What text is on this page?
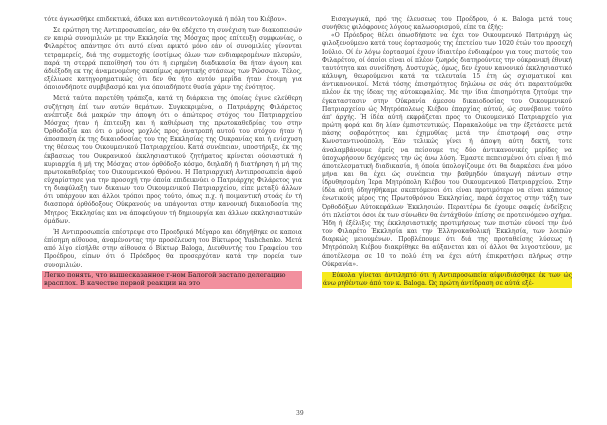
τότε άγνωσθήκε επιδεκτικά, άδικα και αντιθεοντολογικά ή πόλη του Κιέβου».

Σε ερώτηση της Αντιπροσωπείας, εάν θα εδέχετο τη συνέχιση των διακοπεισών εν καιρώ συνομιλιών με την Εκκλησία της Μόσχας προς επίτευξη συμφωνίας, ο Φιλαρέτος απάντησε ότι αυτό είναι εφικτό μόνο εάν οί συνομιλίες γίνονται τετραμερείς, διά της συμμετοχής ίσοτίμως όλων των ενδιαφερομένων πλευρών, παρά τη στερρά πεποίθησή του ότι ή ειρημένη διαδικασία θα ήταν άγονη και άδιέξοδη εκ της άναμενομένης σκοπίμως αρνητικής στάσεως των Ρώσσων. Τέλος, εξέλιωσε κατηγορηματικώς ότι δεν θα ήτο αυτόν μερίδα ήταν έτοιμη για όποιονδήποτε συμβιβασμό και για όποιαδήποτε θυσία χάριν της ένότητος.

Μετά ταύτα παρετέθη τράπεζα, κατά τη διάρκεια της όποίας έγινε ελεύθερη συζήτηση έπί των αυτών θεμάτων. Συγκεκριμένα, ο Πατριάρχης Φιλάρετος ανέπτυξε διά μακρών την άποψη ότι ο άπώτερος στόχος του Πατριαρχείου Μόσχας ήταν ή έπιτευξη και ή καθιέρωση της πρωτοκαθεδρίας του στην Όρθοδοξία και ότι ο μόνος μοχλός προς άνατροπή αυτού του στόχου ήταν ή άποσπαση έκ της δικαιοδοσίας του της Εκκλησίας της Ουκρανίας και ή ενίσχυση της θέσεως του Οικουμενικού Πατριαρχείου. Κατά συνέπειαν, υποστήριξε, έκ της έκβασεως του Ουκρανικού έκκλησιαστικού ζητήματος κρίνεται ούσιαστικά ή κυριαρχία ή μή της Μόσχας στον όρθόδοξο κόσμο, διηλαδή ή διατήρηση ή μή της πρωτοκαθεδρίας του Οικουμενικού Θρόνου. Η Πατριαρχική Αντιπροσωπεία άφού εύχαρίστησε για την προσοχή την όποία επιδεικνύει ο Πατριάρχης Φιλάρετος για τη διαφύλαξη των δικαιων του Οικουμενικού Πατριαρχείου, είπε μεταξύ άλλων ότι υπάρχουν και άλλοι τρόποι προς τούτο, όπως π.χ. ή ποιμαντική στοάς έν τή διασπορά όρθόδοξους Ούκρανούς να υπάγονται στην κανονική δικαιοδοσία της Μητρος Έκκλησίας και να άποφεύγουν τή δημιουργία και άλλων εκκλησιαστικών όμάδων.

Ή Αντιπροσωπεία επέστρεψε στο Προεδρικό Μέγαρο και όδηγήθηκε σε καποια έπίσημη αίθουσα, άναμένοντας την προσέλευση του Βίκτωρος Yushchenko. Μετά από λίγο είσήλθε στην αίθουσα ό Βίκτωρ Baloga, Διευθυντής του Γραφείου του Προέδρου, είπων ότι ό Πρόεδρος θα προσερχόταν κατά την πορεία των συνομιλιών.

Легко понять, что вышесказанное г-ном Балогой застало делегацию врасплох. В качестве первой реакции на это

Εισαγωγικά, πρό της έλευσεως του Προέδρου, ό κ. Baloga μετά τους συνήθεις φιλόφρονες λόγους καλωσορισμού, είπε τα έξής:

«Ο Πρόεδρος θέλει όπωσδήποτε να έχει τον Οικουμενικό Πατριάρχη ώς φιλοξενούμενο κατά τους έορτασμούς της έπετείου των 1020 έτών του προσεχή Ιούλιο. Οί έν λόγω έορτασμοί έχουν ίδιαιτέρο ένδιαφέρον για τους πιστούς του Φιλαρέτου, οί όποίοι είναι οί πλέον ζωηρός διατηρούντες την ούκρανική έθνική ταυτότητα και συνείδηση. Δυστυχώς, όμως, δεν έχουν κανονικό έκκλησιαστικό κάλυψη, θεωρούμενοι κατά τα τελευταία 15 έτη ώς σχισματικοί και άντικανονικοί. Μετά τόσης έπισημότητος δηλώνω σε σάς ότι παραιτούμεθα πλέον έκ της ίδεας της αύτοκεφαλίας. Με την ίδια έπισημότητα ζητούμε την έγκαταστασιν στην Ούκρανία άμεσου δικαιοδοσίας του Οικουμενικού Πατριαρχείου ώς Μητρόπολεως Κιέβου έπαρχίας αύτού, ώς συνέβαινε τούτο άπ' άρχής. Ή ίδέα αύτή εκφράζεται προς το Οικουμενικό Πατριαρχείο για πρώτη φορά και δη λίαν έμπιστευτικώς. Παρακαλούμε να την έξετάσετε μετά πάσης σοβαρότητος και έχημυθίας μετά την έπιστροφή σας στην Κωνσταντινούπολη. Έάν τελικώς γίνει ή άποψη αύτη δεκτή, τοτε άναλαμβάνουμε έμείς να πείσουμε τις δύο άντικανονικές μερίδες να ύποχωρήσουν δεχόμενες την ώς άνω λύση. Έμαστε πεπεισμένοι ότι είναι ή πιό άποτελεσματική διαδικασία, ή όποία ύπολογίζουμε ότι θα διαρκέσει ένα μόνο μήνα και θα έχει ώς συνέπεια την βαθμηδόν ύπαγωγή πάντων στην ίδρυθησομένη Ίερα Μητρόπολη Κιέβου του Οικουμενικού Πατριαρχείου. Στην ίδέα αύτή όδηγηθήκαμε σκεπτόμενοι ότι είναι προτιμότερο να είναι κάποιος ένωτικούς μέρος της Πρωτοθρόνου Έκκλησίας, παρά έσχατος στην τάξη των Όρθοδόξων Αύτοκεφάλων Έκκλησιών. Περαιτέρω δε έχουμε σαφείς ένδείξεις ότι πλείστοι όσοι έκ των σύνωθεν θα έντάχθούν έπίσης σε προτεινόμενο σχήμα. Ήδη ή έξέλιξις της έκκλησιαστικής προτιμήσεως των πιστών εύνοεί την ένό τον Φιλαρέτο Έκκλησία και την Έλληνοκαθολική Έκκλησία, των λοιπών διαρκώς μειουμένων. Προβλέπουμε ότι διά της προταθείσης λύσεως ή Μητρόπολη Κιέβου διακρίθηκε θα αύξανεται και οί άλλοι θα λιγοστεύουν, με άποτέλεσμα σε 10 το πολύ έτη να έχει αύτή έπικρατήσει πλήρως στην Ούκρανία».

Εύκολα γίνεται άντιληπτό ότι ή Αντιπροσωπεία αίφνιδιάσθηκε έκ των ώς άνω ρηθέντων άπό τον κ. Baloga. Ώς πρώτη άντίδραση σε αύτά εξέ-

39
